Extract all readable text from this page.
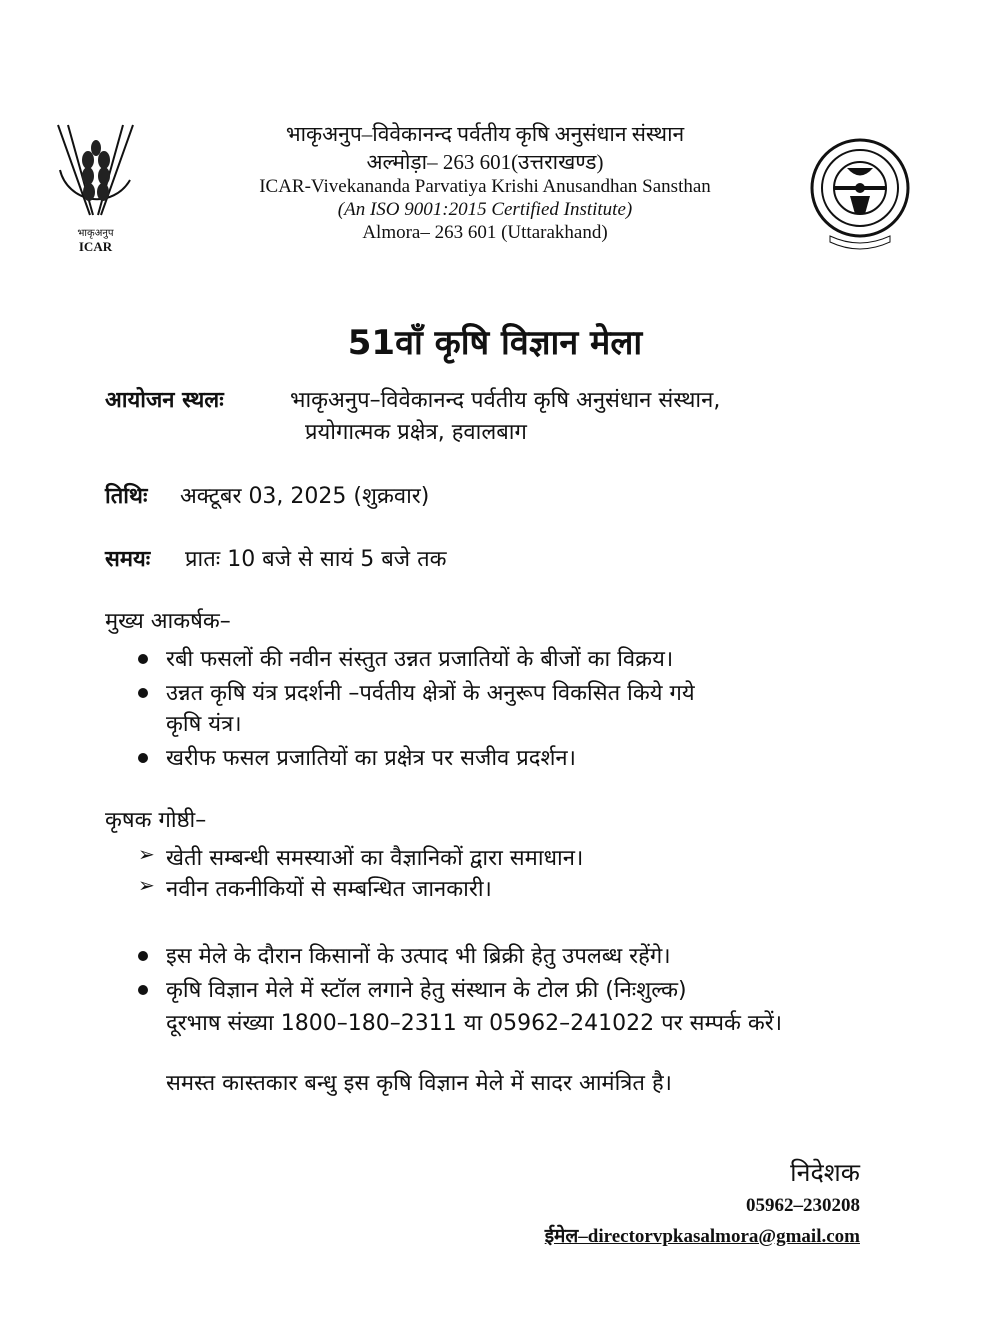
भाकृअनुप
ICAR
भाकृअनुप–विवेकानन्द पर्वतीय कृषि अनुसंधान संस्थान
अल्मोड़ा– 263 601(उत्तराखण्ड)
ICAR-Vivekananda Parvatiya Krishi Anusandhan Sansthan
(An ISO 9001:2015 Certified Institute)
Almora– 263 601 (Uttarakhand)
51वाँ कृषि विज्ञान मेला
आयोजन स्थलः	भाकृअनुप–विवेकानन्द पर्वतीय कृषि अनुसंधान संस्थान,
प्रयोगात्मक प्रक्षेत्र, हवालबाग
तिथिः अक्टूबर 03, 2025 (शुक्रवार)
समयः प्रातः 10 बजे से सायं 5 बजे तक
मुख्य आकर्षक–
रबी फसलों की नवीन संस्तुत उन्नत प्रजातियों के बीजों का विक्रय।
उन्नत कृषि यंत्र प्रदर्शनी –पर्वतीय क्षेत्रों के अनुरूप विकसित किये गये
कृषि यंत्र।
खरीफ फसल प्रजातियों का प्रक्षेत्र पर सजीव प्रदर्शन।
कृषक गोष्ठी–
➢ खेती सम्बन्धी समस्याओं का वैज्ञानिकों द्वारा समाधान।
➢ नवीन तकनीकियों से सम्बन्धित जानकारी।
इस मेले के दौरान किसानों के उत्पाद भी ब्रिक्री हेतु उपलब्ध रहेंगे।
कृषि विज्ञान मेले में स्टॉल लगाने हेतु संस्थान के टोल फ्री (निःशुल्क)
दूरभाष संख्या 1800–180–2311 या 05962–241022 पर सम्पर्क करें।
समस्त कास्तकार बन्धु इस कृषि विज्ञान मेले में सादर आमंत्रित है।
निदेशक
05962–230208
ईमेल–directorvpkasalmora@gmail.com
